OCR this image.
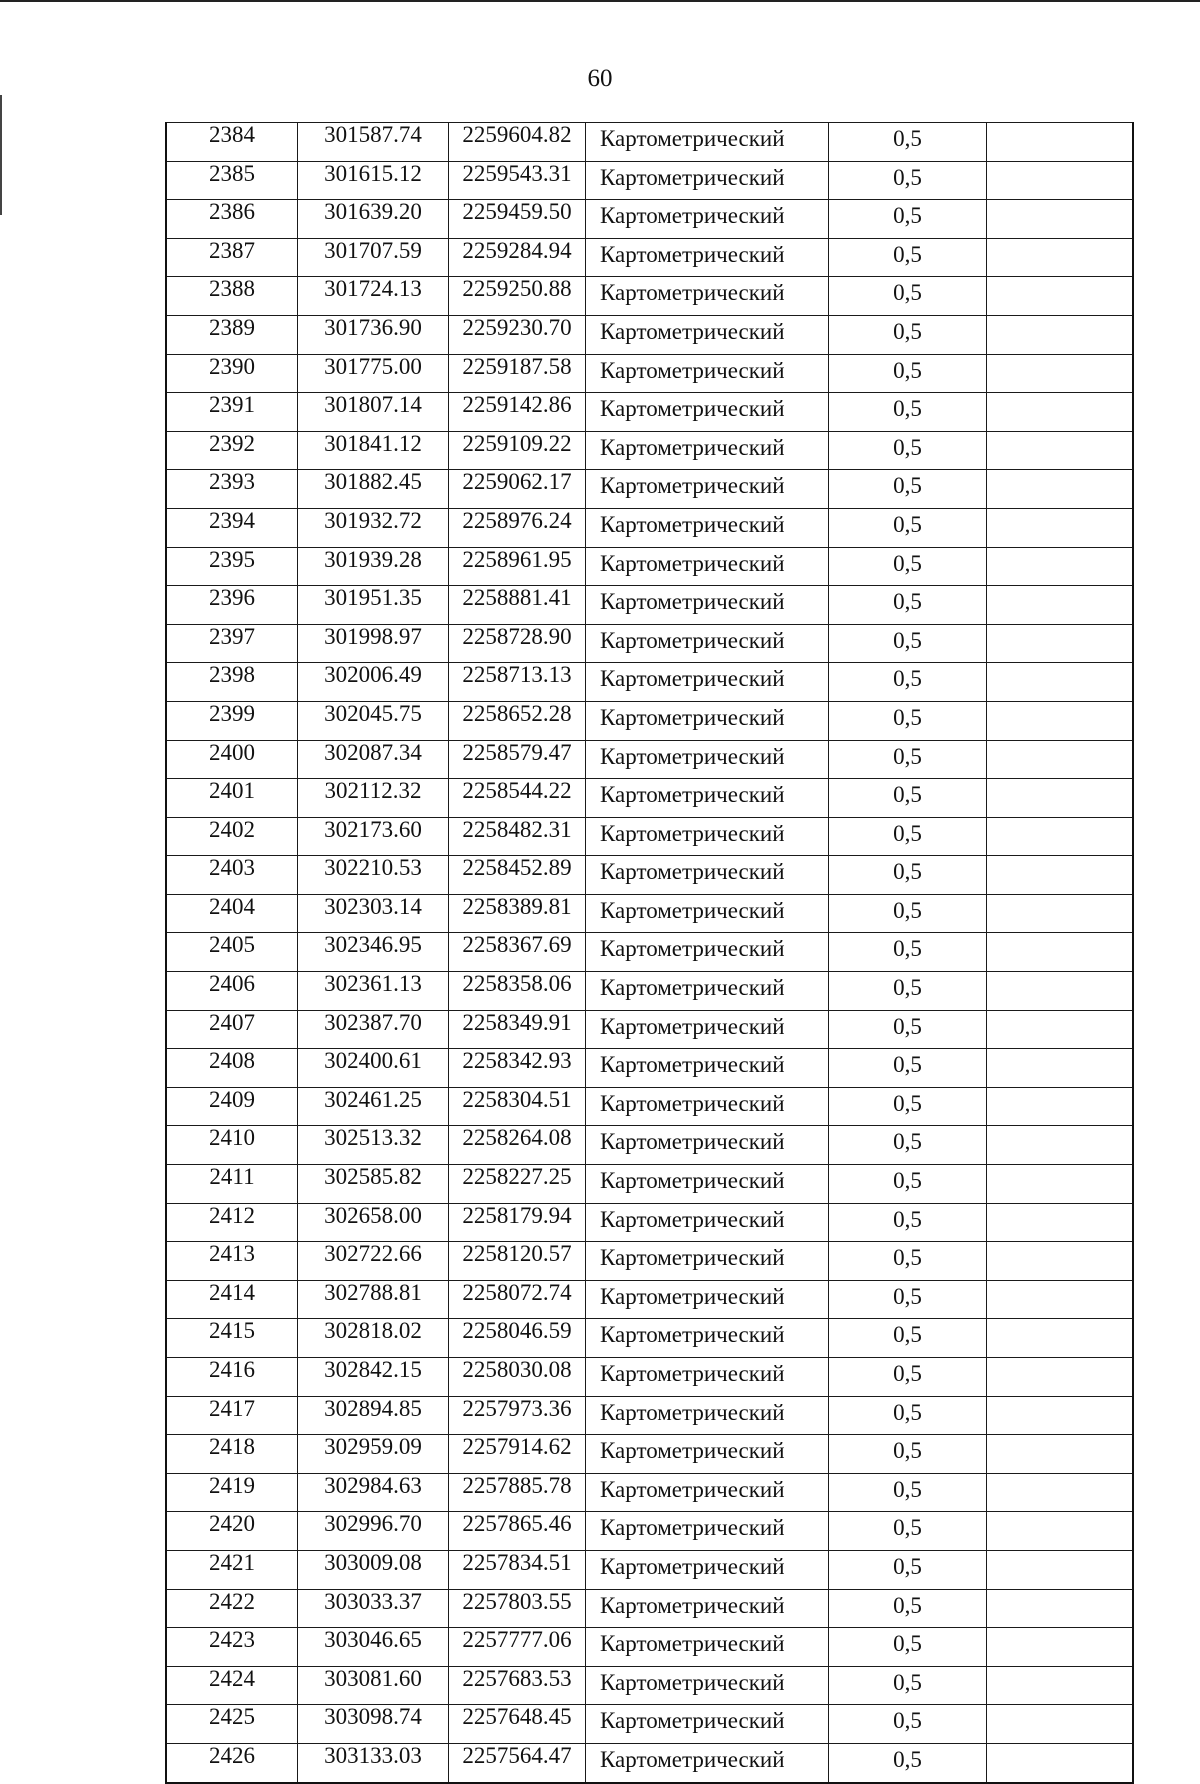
60
2384	301587.74	2259604.82	Картометрический	0,5	
2385	301615.12	2259543.31	Картометрический	0,5	
2386	301639.20	2259459.50	Картометрический	0,5	
2387	301707.59	2259284.94	Картометрический	0,5	
2388	301724.13	2259250.88	Картометрический	0,5	
2389	301736.90	2259230.70	Картометрический	0,5	
2390	301775.00	2259187.58	Картометрический	0,5	
2391	301807.14	2259142.86	Картометрический	0,5	
2392	301841.12	2259109.22	Картометрический	0,5	
2393	301882.45	2259062.17	Картометрический	0,5	
2394	301932.72	2258976.24	Картометрический	0,5	
2395	301939.28	2258961.95	Картометрический	0,5	
2396	301951.35	2258881.41	Картометрический	0,5	
2397	301998.97	2258728.90	Картометрический	0,5	
2398	302006.49	2258713.13	Картометрический	0,5	
2399	302045.75	2258652.28	Картометрический	0,5	
2400	302087.34	2258579.47	Картометрический	0,5	
2401	302112.32	2258544.22	Картометрический	0,5	
2402	302173.60	2258482.31	Картометрический	0,5	
2403	302210.53	2258452.89	Картометрический	0,5	
2404	302303.14	2258389.81	Картометрический	0,5	
2405	302346.95	2258367.69	Картометрический	0,5	
2406	302361.13	2258358.06	Картометрический	0,5	
2407	302387.70	2258349.91	Картометрический	0,5	
2408	302400.61	2258342.93	Картометрический	0,5	
2409	302461.25	2258304.51	Картометрический	0,5	
2410	302513.32	2258264.08	Картометрический	0,5	
2411	302585.82	2258227.25	Картометрический	0,5	
2412	302658.00	2258179.94	Картометрический	0,5	
2413	302722.66	2258120.57	Картометрический	0,5	
2414	302788.81	2258072.74	Картометрический	0,5	
2415	302818.02	2258046.59	Картометрический	0,5	
2416	302842.15	2258030.08	Картометрический	0,5	
2417	302894.85	2257973.36	Картометрический	0,5	
2418	302959.09	2257914.62	Картометрический	0,5	
2419	302984.63	2257885.78	Картометрический	0,5	
2420	302996.70	2257865.46	Картометрический	0,5	
2421	303009.08	2257834.51	Картометрический	0,5	
2422	303033.37	2257803.55	Картометрический	0,5	
2423	303046.65	2257777.06	Картометрический	0,5	
2424	303081.60	2257683.53	Картометрический	0,5	
2425	303098.74	2257648.45	Картометрический	0,5	
2426	303133.03	2257564.47	Картометрический	0,5	
